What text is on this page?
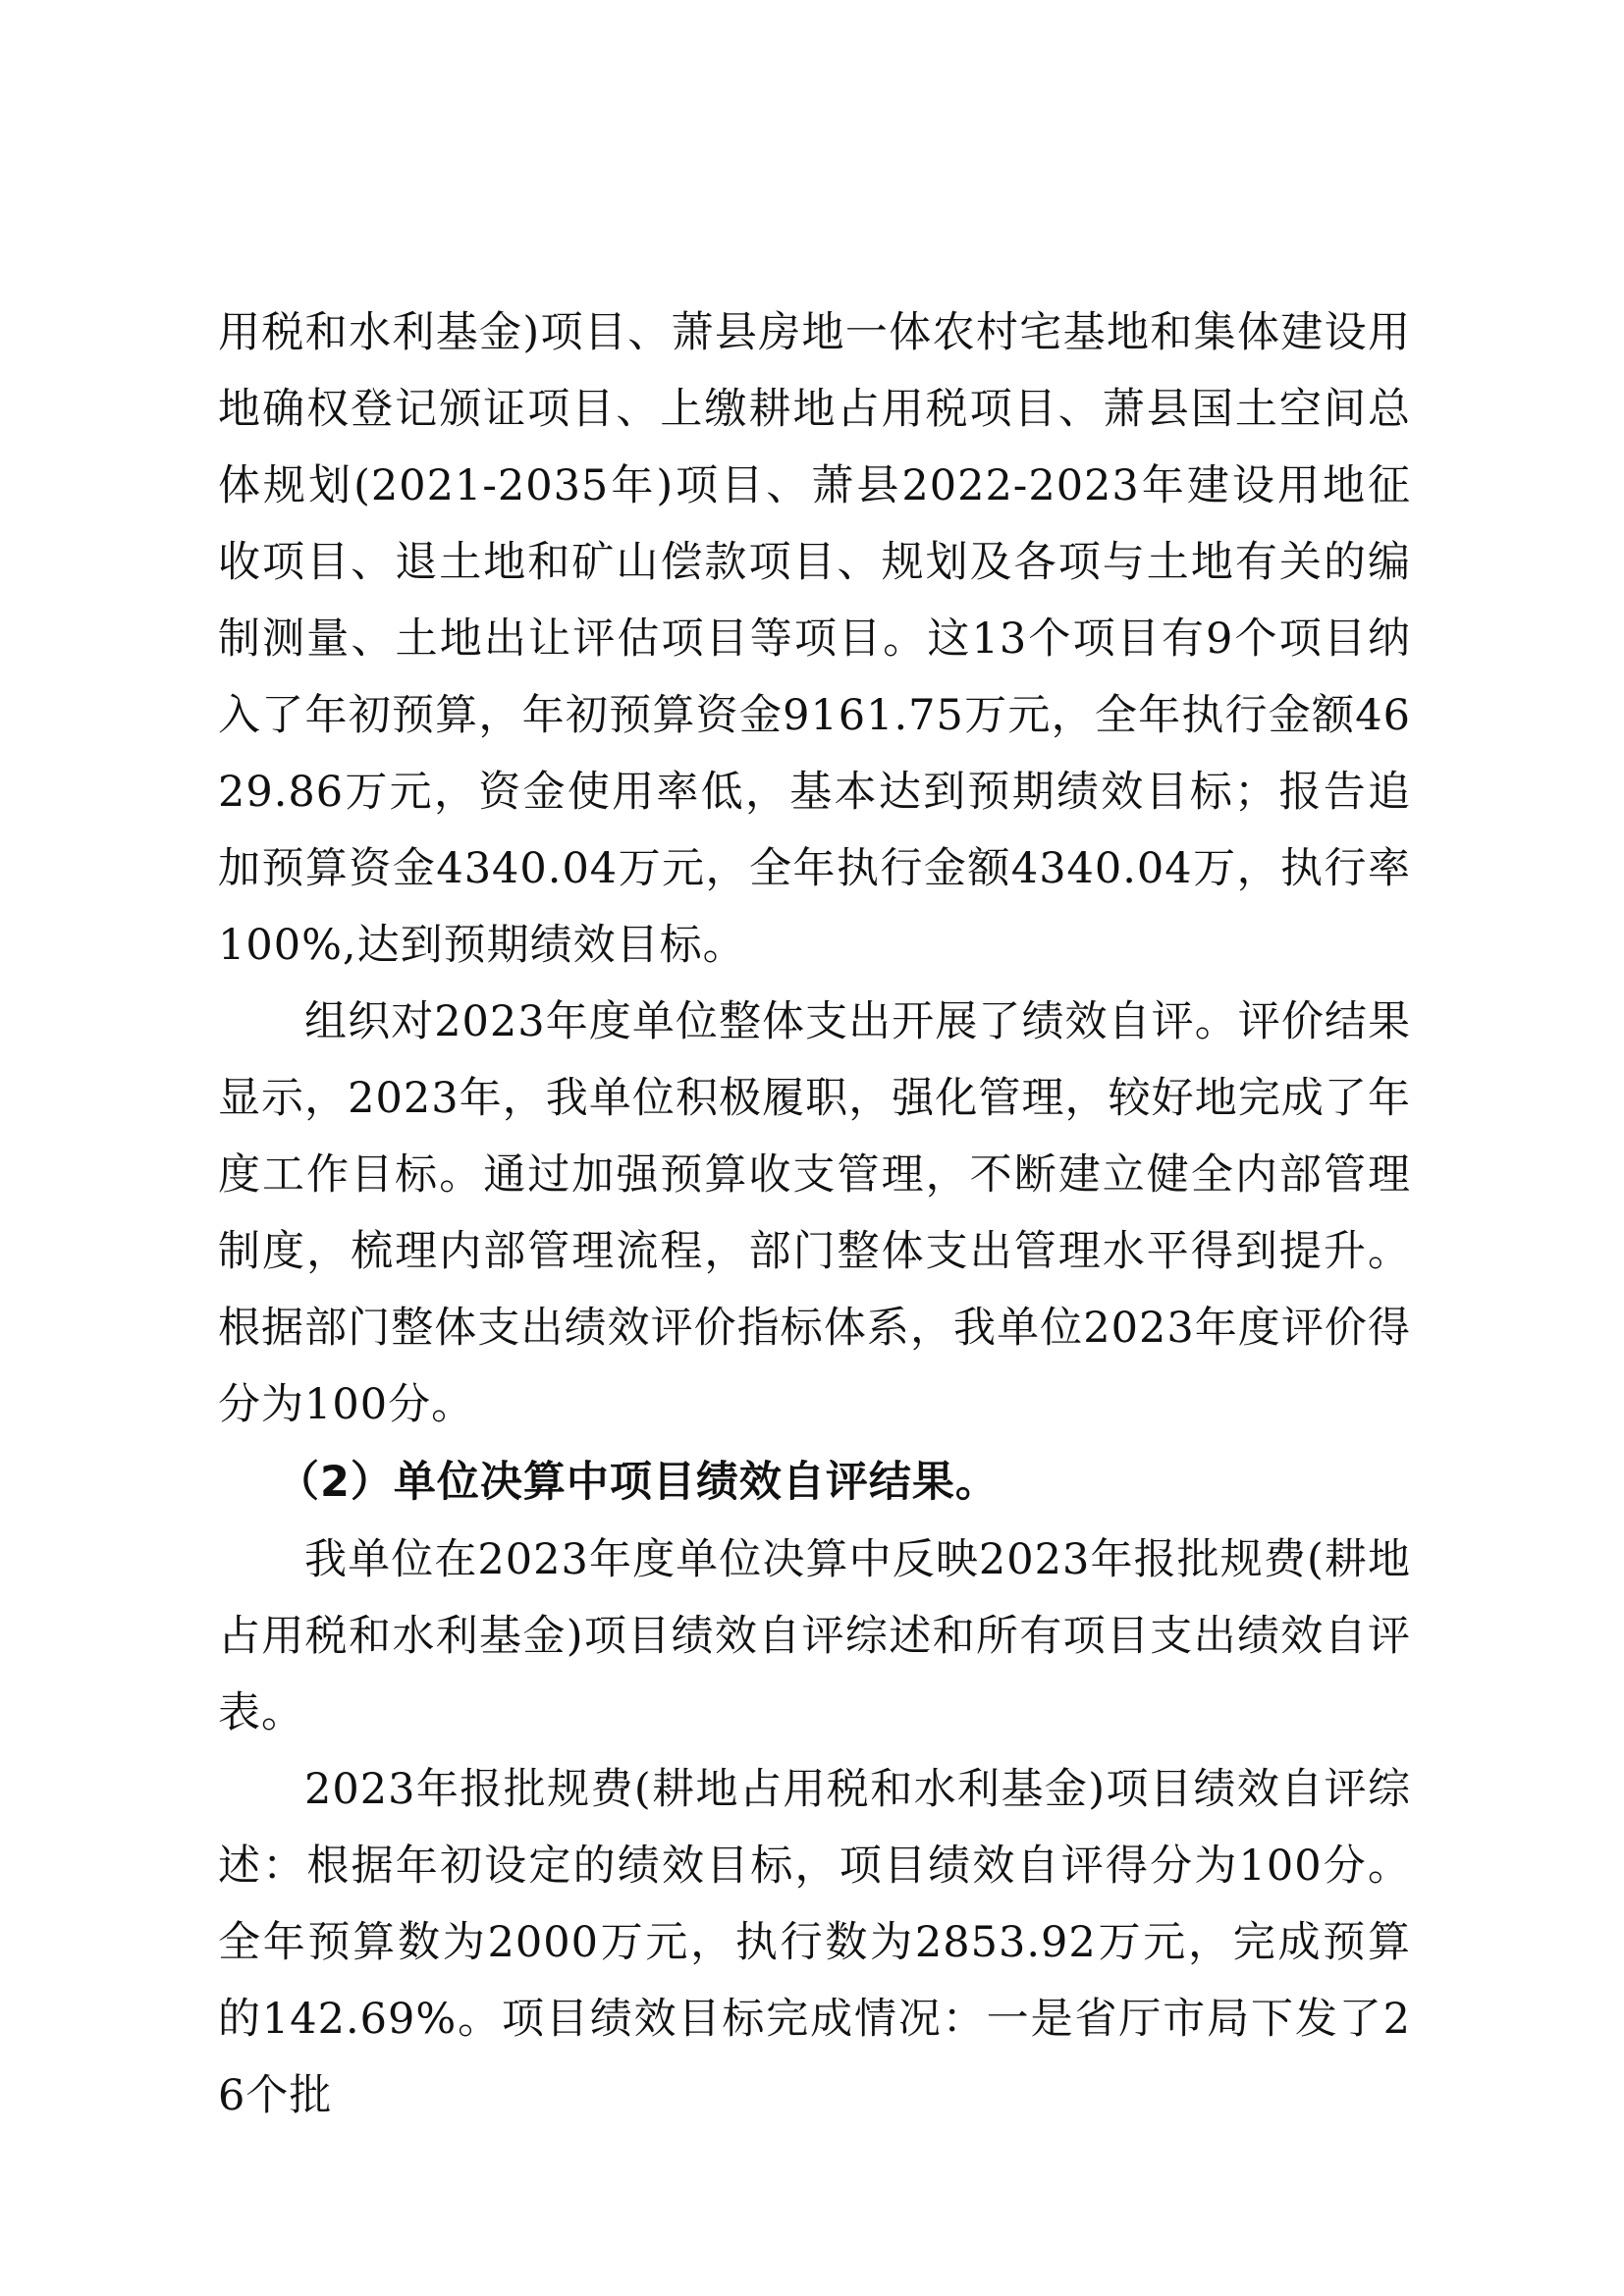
用税和水利基金)项目、萧县房地一体农村宅基地和集体建设用地确权登记颁证项目、上缴耕地占用税项目、萧县国土空间总体规划(2021-2035年)项目、萧县2022-2023年建设用地征收项目、退土地和矿山偿款项目、规划及各项与土地有关的编制测量、土地出让评估项目等项目。这13个项目有9个项目纳入了年初预算，年初预算资金9161.75万元，全年执行金额4629.86万元，资金使用率低，基本达到预期绩效目标；报告追加预算资金4340.04万元，全年执行金额4340.04万，执行率100%,达到预期绩效目标。

组织对2023年度单位整体支出开展了绩效自评。评价结果显示，2023年，我单位积极履职，强化管理，较好地完成了年度工作目标。通过加强预算收支管理，不断建立健全内部管理制度，梳理内部管理流程，部门整体支出管理水平得到提升。根据部门整体支出绩效评价指标体系，我单位2023年度评价得分为100分。

（2）单位决算中项目绩效自评结果。

我单位在2023年度单位决算中反映2023年报批规费(耕地占用税和水利基金)项目绩效自评综述和所有项目支出绩效自评表。

2023年报批规费(耕地占用税和水利基金)项目绩效自评综述：根据年初设定的绩效目标，项目绩效自评得分为100分。全年预算数为2000万元，执行数为2853.92万元，完成预算的142.69%。项目绩效目标完成情况：一是省厅市局下发了26个批
